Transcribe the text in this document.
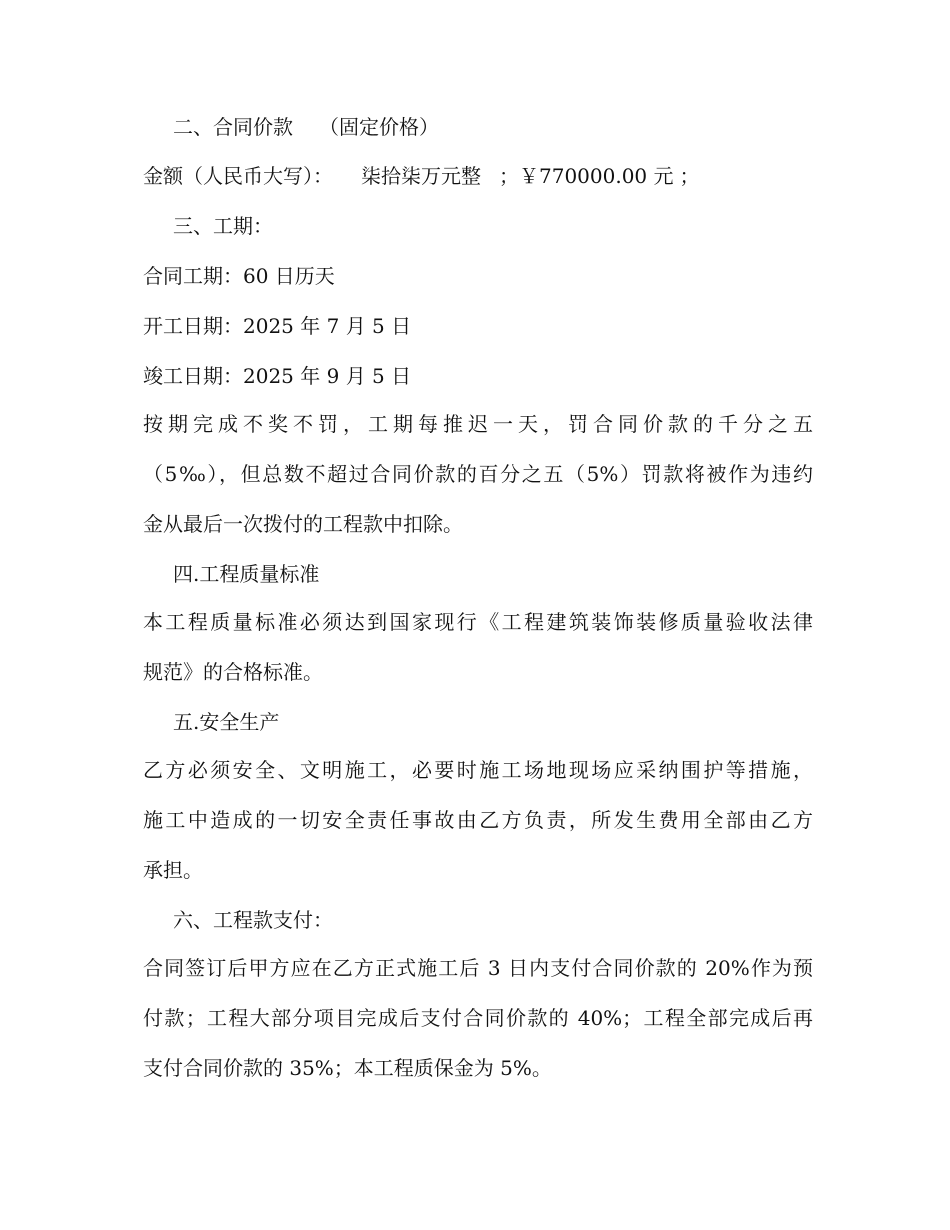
二、合同价款 （固定价格）
金额（人民币大写）： 柒拾柒万元整 ；￥770000.00 元 ；
三、工期：
合同工期：60 日历天
开工日期：2025 年 7 月 5 日
竣工日期：2025 年 9 月 5 日
按期完成不奖不罚，工期每推迟一天，罚合同价款的千分之五
（5‰），但总数不超过合同价款的百分之五（5%）罚款将被作为违约
金从最后一次拨付的工程款中扣除。
四.工程质量标准
本工程质量标准必须达到国家现行《工程建筑装饰装修质量验收法律
规范》的合格标准。
五.安全生产
乙方必须安全、文明施工，必要时施工场地现场应采纳围护等措施，
施工中造成的一切安全责任事故由乙方负责，所发生费用全部由乙方
承担。
六、工程款支付：
合同签订后甲方应在乙方正式施工后 3 日内支付合同价款的 20%作为预
付款；工程大部分项目完成后支付合同价款的 40%；工程全部完成后再
支付合同价款的 35%；本工程质保金为 5%。
